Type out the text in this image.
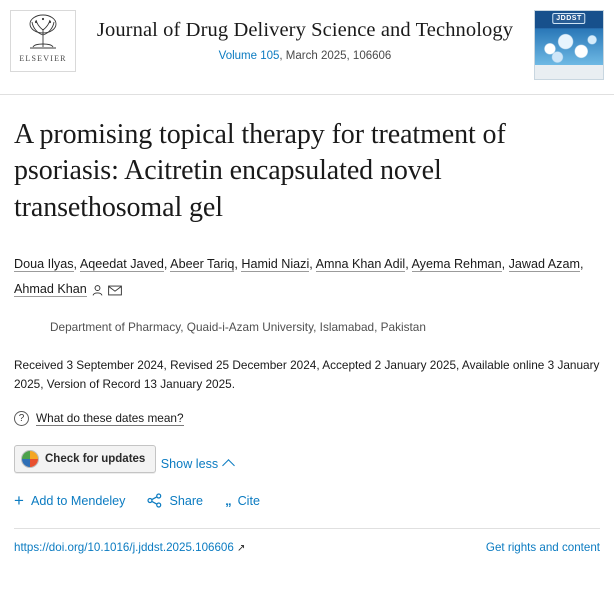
ELSEVIER
Journal of Drug Delivery Science and Technology
Volume 105, March 2025, 106606
JDDST
A promising topical therapy for treatment of psoriasis: Acitretin encapsulated novel transethosomal gel
Doua Ilyas, Aqeedat Javed, Abeer Tariq, Hamid Niazi, Amna Khan Adil, Ayema Rehman, Jawad Azam, Ahmad Khan
Department of Pharmacy, Quaid-i-Azam University, Islamabad, Pakistan
Received 3 September 2024, Revised 25 December 2024, Accepted 2 January 2025, Available online 3 January 2025, Version of Record 13 January 2025.
? What do these dates mean?
Check for updates
Show less
+ Add to Mendeley	Share „ Cite
https://doi.org/10.1016/j.jddst.2025.106606 ↗	Get rights and content
